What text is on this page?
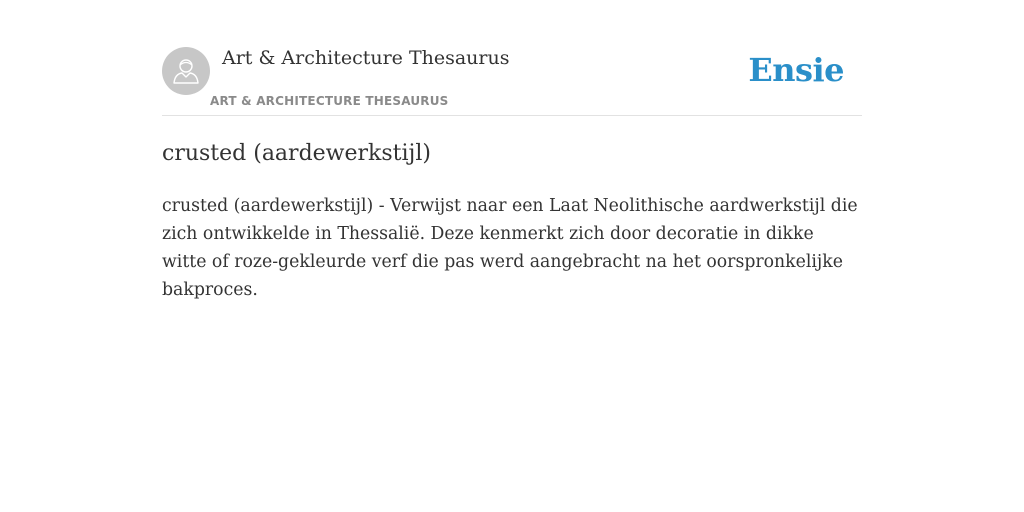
Art & Architecture Thesaurus
ART & ARCHITECTURE THESAURUS
Ensie
crusted (aardewerkstijl)

crusted (aardewerkstijl) - Verwijst naar een Laat Neolithische aardwerkstijl die zich ontwikkelde in Thessalië. Deze kenmerkt zich door decoratie in dikke witte of roze-gekleurde verf die pas werd aangebracht na het oorspronkelijke bakproces.
